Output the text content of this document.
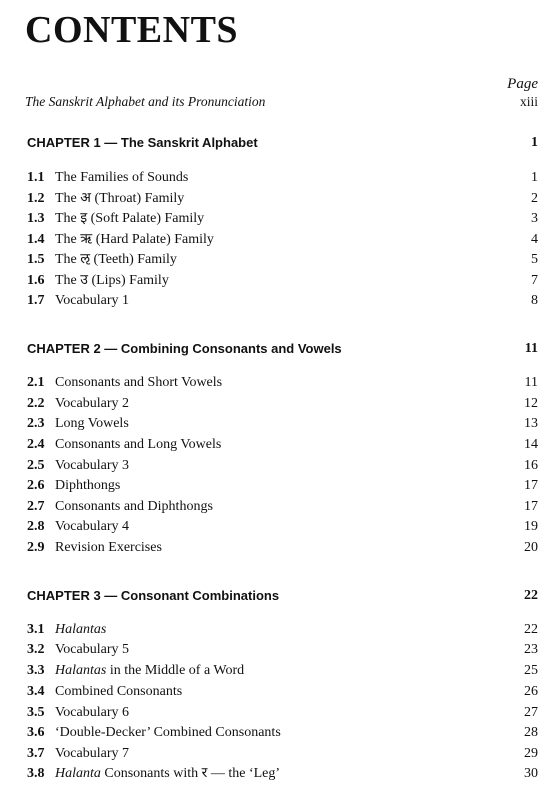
CONTENTS
Page
The Sanskrit Alphabet and its Pronunciation	xiii
CHAPTER 1 — The Sanskrit Alphabet	1
1.1 The Families of Sounds	1
1.2 The अ (Throat) Family	2
1.3 The इ (Soft Palate) Family	3
1.4 The ऋ (Hard Palate) Family	4
1.5 The ऌ (Teeth) Family	5
1.6 The उ (Lips) Family	7
1.7 Vocabulary 1	8
CHAPTER 2 — Combining Consonants and Vowels	11
2.1 Consonants and Short Vowels	11
2.2 Vocabulary 2	12
2.3 Long Vowels	13
2.4 Consonants and Long Vowels	14
2.5 Vocabulary 3	16
2.6 Diphthongs	17
2.7 Consonants and Diphthongs	17
2.8 Vocabulary 4	19
2.9 Revision Exercises	20
CHAPTER 3 — Consonant Combinations	22
3.1 Halantas	22
3.2 Vocabulary 5	23
3.3 Halantas in the Middle of a Word	25
3.4 Combined Consonants	26
3.5 Vocabulary 6	27
3.6 ‘Double-Decker’ Combined Consonants	28
3.7 Vocabulary 7	29
3.8 Halanta Consonants with र — the ‘Leg’	30
